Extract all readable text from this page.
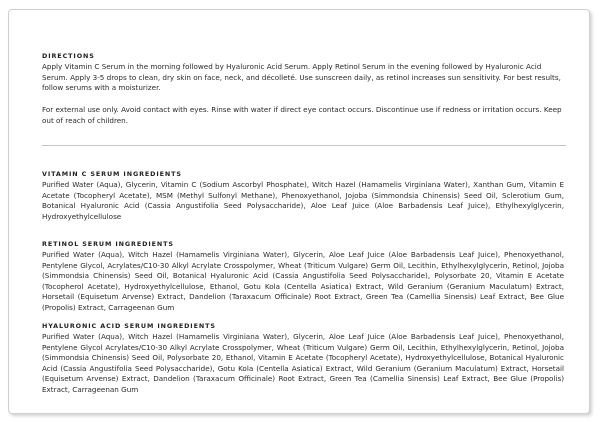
DIRECTIONS

Apply Vitamin C Serum in the morning followed by Hyaluronic Acid Serum. Apply Retinol Serum in the evening followed by Hyaluronic Acid Serum. Apply 3-5 drops to clean, dry skin on face, neck, and décolleté. Use sunscreen daily, as retinol increases sun sensitivity. For best results, follow serums with a moisturizer.

For external use only. Avoid contact with eyes. Rinse with water if direct eye contact occurs. Discontinue use if redness or irritation occurs. Keep out of reach of children.

VITAMIN C SERUM INGREDIENTS

Purified Water (Aqua), Glycerin, Vitamin C (Sodium Ascorbyl Phosphate), Witch Hazel (Hamamelis Virginiana Water), Xanthan Gum, Vitamin E Acetate (Tocopheryl Acetate), MSM (Methyl Sulfonyl Methane), Phenoxyethanol, Jojoba (Simmondsia Chinensis) Seed Oil, Sclerotium Gum, Botanical Hyaluronic Acid (Cassia Angustifolia Seed Polysaccharide), Aloe Leaf Juice (Aloe Barbadensis Leaf Juice), Ethylhexylglycerin, Hydroxyethylcellulose

RETINOL SERUM INGREDIENTS

Purified Water (Aqua), Witch Hazel (Hamamelis Virginiana Water), Glycerin, Aloe Leaf Juice (Aloe Barbadensis Leaf Juice), Phenoxyethanol, Pentylene Glycol, Acrylates/C10-30 Alkyl Acrylate Crosspolymer, Wheat (Triticum Vulgare) Germ Oil, Lecithin, Ethylhexylglycerin, Retinol, Jojoba (Simmondsia Chinensis) Seed Oil, Botanical Hyaluronic Acid (Cassia Angustifolia Seed Polysaccharide), Polysorbate 20, Vitamin E Acetate (Tocopherol Acetate), Hydroxyethylcellulose, Ethanol, Gotu Kola (Centella Asiatica) Extract, Wild Geranium (Geranium Maculatum) Extract, Horsetail (Equisetum Arvense) Extract, Dandelion (Taraxacum Officinale) Root Extract, Green Tea (Camellia Sinensis) Leaf Extract, Bee Glue (Propolis) Extract, Carrageenan Gum

HYALURONIC ACID SERUM INGREDIENTS

Purified Water (Aqua), Witch Hazel (Hamamelis Virginiana Water), Glycerin, Aloe Leaf Juice (Aloe Barbadensis Leaf Juice), Phenoxyethanol, Pentylene Glycol Acrylates/C10-30 Alkyl Acrylate Crosspolymer, Wheat (Triticum Vulgare) Germ Oil, Lecithin, Ethylhexylglycerin, Retinol, Jojoba (Simmondsia Chinensis) Seed Oil, Polysorbate 20, Ethanol, Vitamin E Acetate (Tocopheryl Acetate), Hydroxyethylcellulose, Botanical Hyaluronic Acid (Cassia Angustifolia Seed Polysaccharide), Gotu Kola (Centella Asiatica) Extract, Wild Geranium (Geranium Maculatum) Extract, Horsetail (Equisetum Arvense) Extract, Dandelion (Taraxacum Officinale) Root Extract, Green Tea (Camellia Sinensis) Leaf Extract, Bee Glue (Propolis) Extract, Carrageenan Gum
